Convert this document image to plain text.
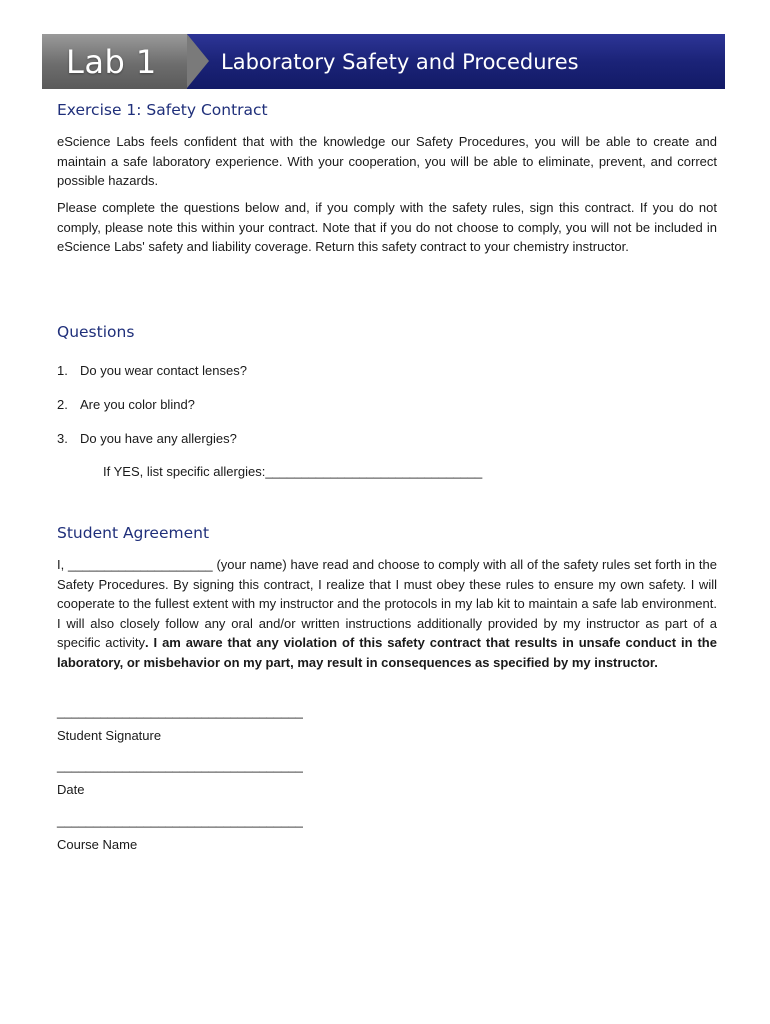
Lab 1	Laboratory Safety and Procedures
Exercise 1: Safety Contract

eScience Labs feels confident that with the knowledge our Safety Procedures, you will be able to create and maintain a safe laboratory experience. With your cooperation, you will be able to eliminate, prevent, and correct possible hazards.

Please complete the questions below and, if you comply with the safety rules, sign this contract. If you do not comply, please note this within your contract. Note that if you do not choose to comply, you will not be included in eScience Labs' safety and liability coverage. Return this safety contract to your chemistry instructor.

Questions

1. Do you wear contact lenses?

2. Are you color blind?

3. Do you have any allergies?

If YES, list specific allergies:______________________________

Student Agreement

I, ____________________ (your name) have read and choose to comply with all of the safety rules set forth in the Safety Procedures. By signing this contract, I realize that I must obey these rules to ensure my own safety. I will cooperate to the fullest extent with my instructor and the protocols in my lab kit to maintain a safe lab environment. I will also closely follow any oral and/or written instructions additionally provided by my instructor as part of a specific activity. I am aware that any violation of this safety contract that results in unsafe conduct in the laboratory, or misbehavior on my part, may result in consequences as specified by my instructor.

__________________________________

Student Signature

__________________________________

Date

__________________________________

Course Name
